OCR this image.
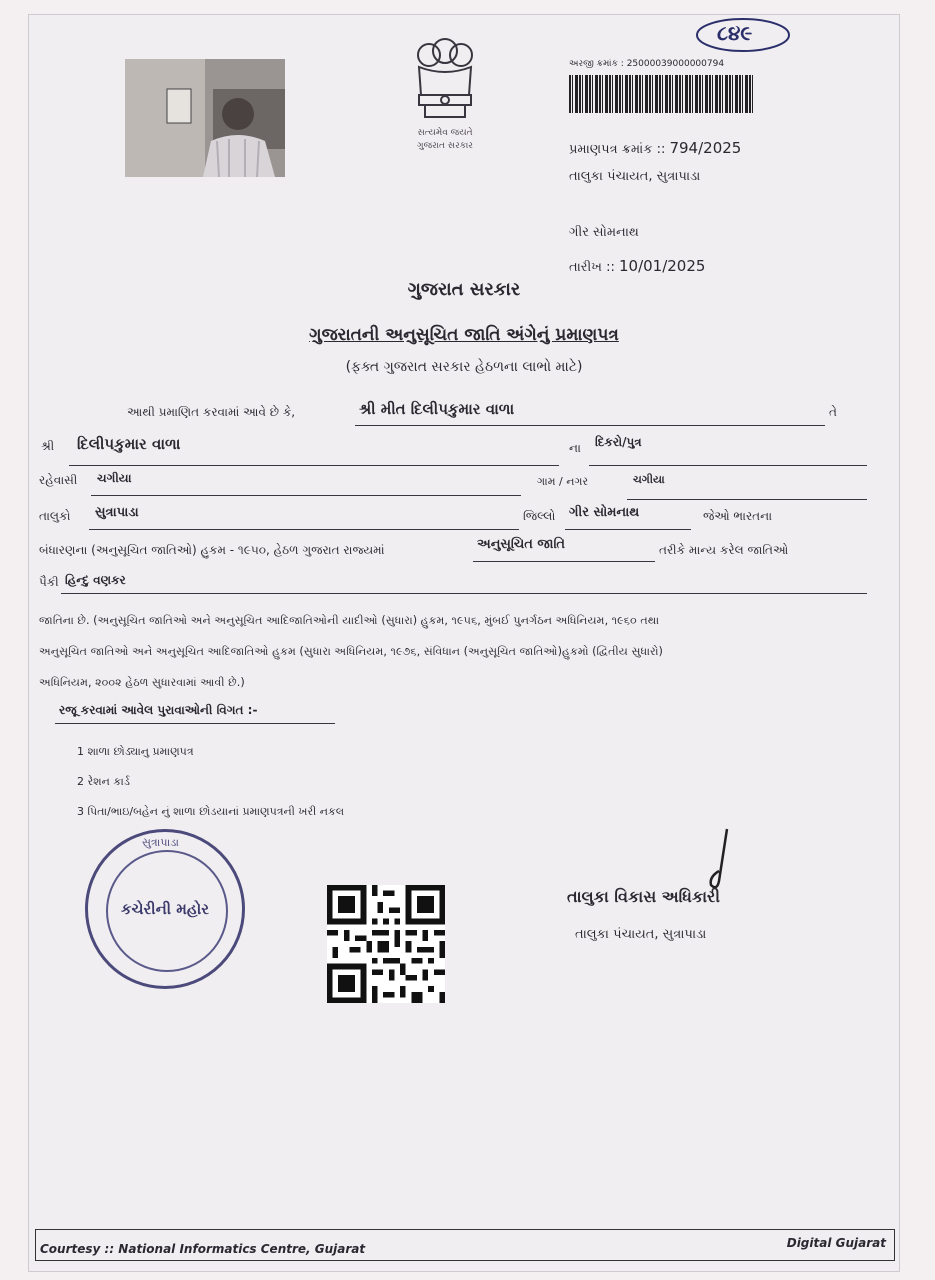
સત્યમેવ જયતે
ગુજરાત સરકાર
૮૪૯
અરજી ક્રમાંક : 25000039000000794
પ્રમાણપત્ર ક્રમાંક :: 794/2025
તાલુકા પંચાયત, સુત્રાપાડા
ગીર સોમનાથ
તારીખ :: 10/01/2025
ગુજરાત સરકાર
ગુજરાતની અનુસૂચિત જાતિ અંગેનું પ્રમાણપત્ર
(ફક્ત ગુજરાત સરકાર હેઠળના લાભો માટે)
આથી પ્રમાણિત કરવામાં આવે છે કે,	શ્રી મીત દિલીપકુમાર વાળા	તે
શ્રી દિલીપકુમાર વાળા	ના દિકરો/પુત્ર
રહેવાસી ચગીયા	ગામ / નગર	ચગીયા
તાલુકો સુત્રાપાડા	જિલ્લો ગીર સોમનાથ	જેઓ ભારતના
બંધારણના (અનુસૂચિત જાતિઓ) હુકમ - ૧૯૫૦, હેઠળ ગુજરાત રાજ્યમાં	અનુસૂચિત જાતિ	તરીકે માન્ય કરેલ જાતિઓ
પૈકી હિન્દુ વણકર
જાતિના છે. (અનુસૂચિત જાતિઓ અને અનુસૂચિત આદિજાતિઓની યાદીઓ (સુધારા) હુકમ, ૧૯૫૬, મુંબઈ પુનર્ગઠન અધિનિયમ, ૧૯૬૦ તથા
અનુસૂચિત જાતિઓ અને અનુસૂચિત આદિજાતિઓ હુકમ (સુધારા અધિનિયમ, ૧૯૭૬, સંવિધાન (અનુસૂચિત જાતિઓ)હુકમો (દ્વિતીય સુધારો)
અધિનિયમ, ૨૦૦૨ હેઠળ સુધારવામાં આવી છે.)
રજૂ કરવામાં આવેલ પુરાવાઓની વિગત :-
1 શાળા છોડ્યાનુ પ્રમાણપત્ર
2 રેશન કાર્ડ
3 પિતા/ભાઇ/બહેન નું શાળા છોડયાનાં પ્રમાણપત્રની ખરી નકલ
સુત્રાપાડા
કચેરીની મહોર
તાલુકા વિકાસ અધિકારી
તાલુકા પંચાયત, સુત્રાપાડા
Courtesy :: National Informatics Centre, Gujarat	Digital Gujarat
